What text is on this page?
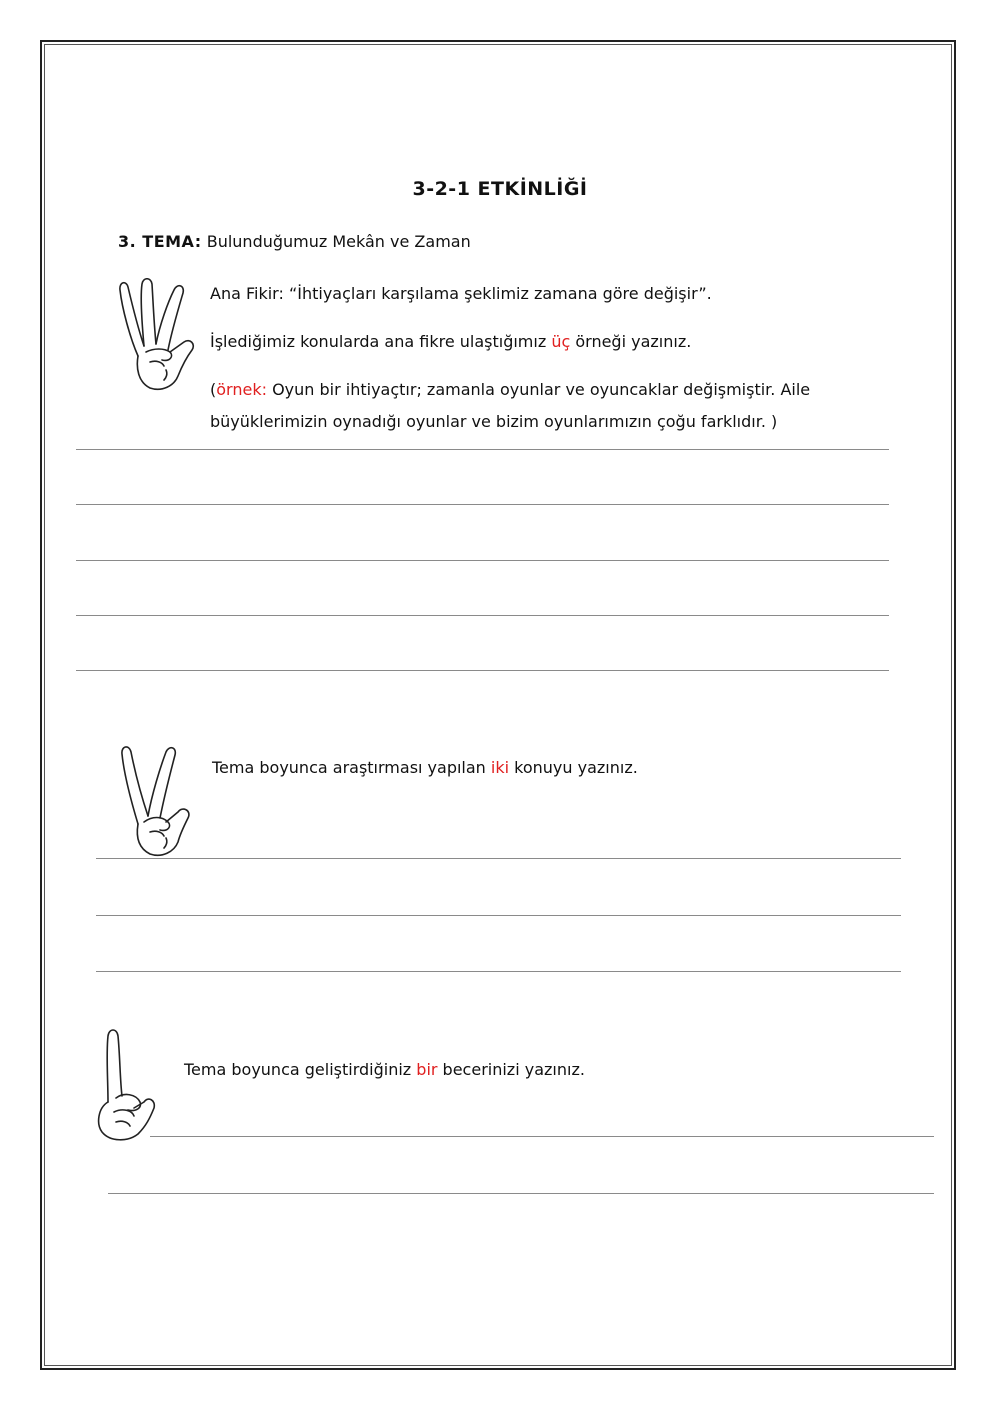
3-2-1 ETKİNLİĞİ
3. TEMA: Bulunduğumuz Mekân ve Zaman
Ana Fikir: “İhtiyaçları karşılama şeklimiz zamana göre değişir”.
İşlediğimiz konularda ana fikre ulaştığımız üç örneği yazınız.
(örnek: Oyun bir ihtiyaçtır; zamanla oyunlar ve oyuncaklar değişmiştir. Aile
büyüklerimizin oynadığı oyunlar ve bizim oyunlarımızın çoğu farklıdır. )
Tema boyunca araştırması yapılan iki konuyu yazınız.
Tema boyunca geliştirdiğiniz bir becerinizi yazınız.
